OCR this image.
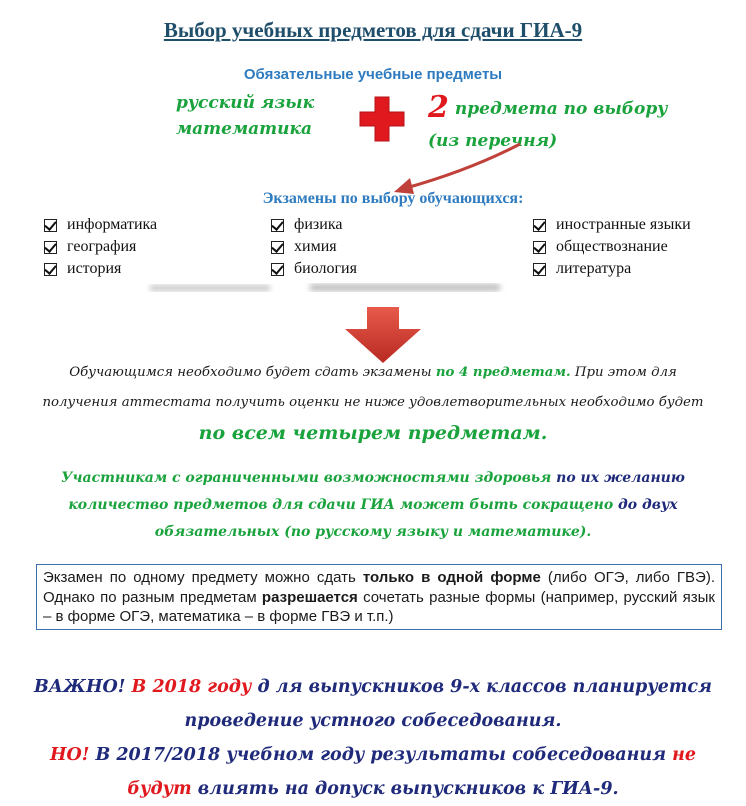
Выбор учебных предметов для сдачи ГИА-9
Обязательные учебные предметы
русский язык
математика
2 предмета по выбору
(из перечня)
Экзамены по выбору обучающихся:
информатика
география
история
физика
химия
биология
иностранные языки
обществознание
литература
Обучающимся необходимо будет сдать экзамены по 4 предметам. При этом для получения аттестата получить оценки не ниже удовлетворительных необходимо будет по всем четырем предметам.
Участникам с ограниченными возможностями здоровья по их желанию количество предметов для сдачи ГИА может быть сокращено до двух обязательных (по русскому языку и математике).
Экзамен по одному предмету можно сдать только в одной форме (либо ОГЭ, либо ГВЭ). Однако по разным предметам разрешается сочетать разные формы (например, русский язык – в форме ОГЭ, математика – в форме ГВЭ и т.п.)
ВАЖНО! В 2018 году д ля выпускников 9-х классов планируется проведение устного собеседования.
НО! В 2017/2018 учебном году результаты собеседования не будут влиять на допуск выпускников к ГИА-9.
